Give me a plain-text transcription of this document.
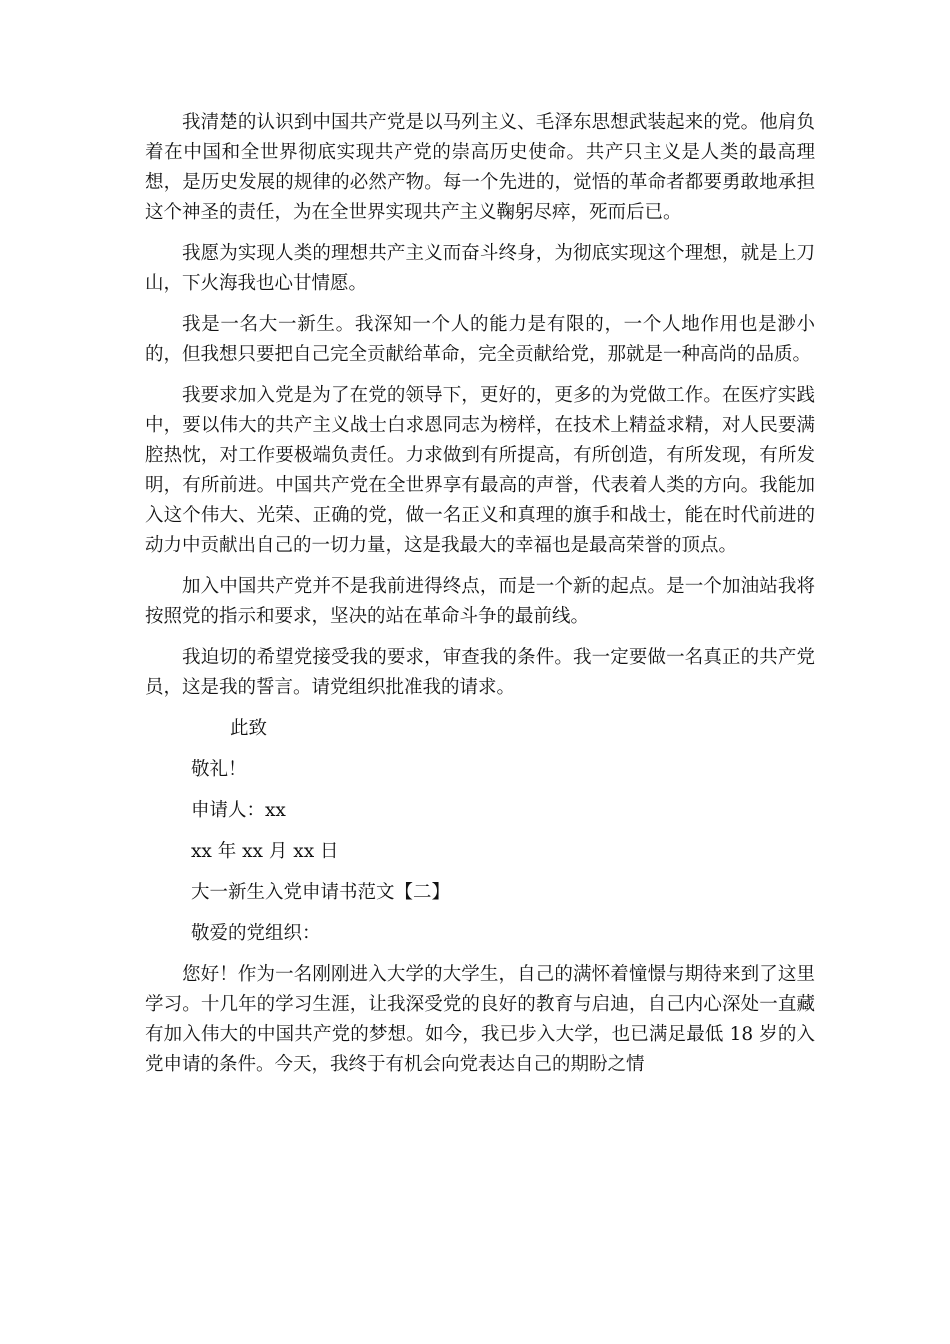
我清楚的认识到中国共产党是以马列主义、毛泽东思想武装起来的党。他肩负着在中国和全世界彻底实现共产党的崇高历史使命。共产只主义是人类的最高理想，是历史发展的规律的必然产物。每一个先进的，觉悟的革命者都要勇敢地承担这个神圣的责任，为在全世界实现共产主义鞠躬尽瘁，死而后已。

我愿为实现人类的理想共产主义而奋斗终身，为彻底实现这个理想，就是上刀山，下火海我也心甘情愿。

我是一名大一新生。我深知一个人的能力是有限的，一个人地作用也是渺小的，但我想只要把自己完全贡献给革命，完全贡献给党，那就是一种高尚的品质。

我要求加入党是为了在党的领导下，更好的，更多的为党做工作。在医疗实践中，要以伟大的共产主义战士白求恩同志为榜样，在技术上精益求精，对人民要满腔热忱，对工作要极端负责任。力求做到有所提高，有所创造，有所发现，有所发明，有所前进。中国共产党在全世界享有最高的声誉，代表着人类的方向。我能加入这个伟大、光荣、正确的党，做一名正义和真理的旗手和战士，能在时代前进的动力中贡献出自己的一切力量，这是我最大的幸福也是最高荣誉的顶点。

加入中国共产党并不是我前进得终点，而是一个新的起点。是一个加油站我将按照党的指示和要求，坚决的站在革命斗争的最前线。

我迫切的希望党接受我的要求，审查我的条件。我一定要做一名真正的共产党员，这是我的誓言。请党组织批准我的请求。

此致

敬礼！

申请人：xx

xx 年 xx 月 xx 日

大一新生入党申请书范文【二】

敬爱的党组织：

您好！作为一名刚刚进入大学的大学生，自己的满怀着憧憬与期待来到了这里学习。十几年的学习生涯，让我深受党的良好的教育与启迪，自己内心深处一直藏有加入伟大的中国共产党的梦想。如今，我已步入大学，也已满足最低 18 岁的入党申请的条件。今天，我终于有机会向党表达自己的期盼之情
